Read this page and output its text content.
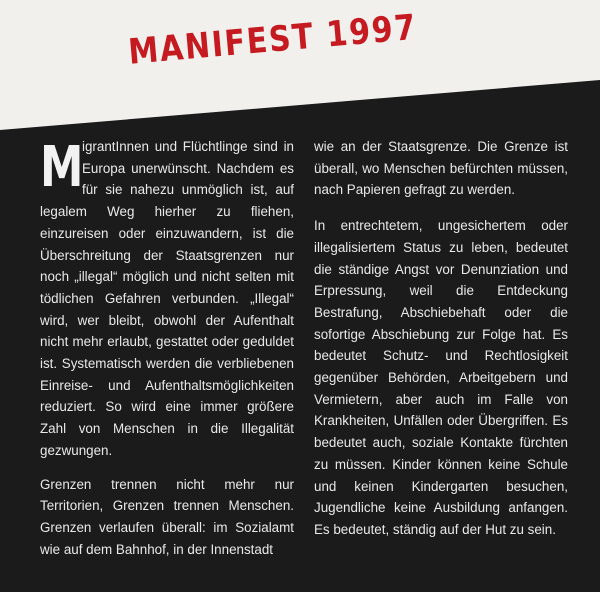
MANIFEST 1997

M
igrantInnen und Flüchtlinge sind in Europa unerwünscht. Nachdem es für sie nahezu unmöglich ist, auf legalem Weg hierher zu fliehen, einzureisen oder einzuwandern, ist die Überschreitung der Staatsgrenzen nur noch „illegal“ möglich und nicht selten mit tödlichen Gefahren verbunden. „Illegal“ wird, wer bleibt, obwohl der Aufenthalt nicht mehr erlaubt, gestattet oder geduldet ist. Systematisch werden die verbliebenen Einreise- und Aufenthaltsmöglichkeiten reduziert. So wird eine immer größere Zahl von Menschen in die Illegalität gezwungen.

Grenzen trennen nicht mehr nur Territorien, Grenzen trennen Menschen. Grenzen verlaufen überall: im Sozialamt wie auf dem Bahnhof, in der Innenstadt

wie an der Staatsgrenze. Die Grenze ist überall, wo Menschen befürchten müssen, nach Papieren gefragt zu werden.

In entrechtetem, ungesichertem oder illegalisiertem Status zu leben, bedeutet die ständige Angst vor Denunziation und Erpressung, weil die Entdeckung Bestrafung, Abschiebehaft oder die sofortige Abschiebung zur Folge hat. Es bedeutet Schutz- und Rechtlosigkeit gegenüber Behörden, Arbeitgebern und Vermietern, aber auch im Falle von Krankheiten, Unfällen oder Übergriffen. Es bedeutet auch, soziale Kontakte fürchten zu müssen. Kinder können keine Schule und keinen Kindergarten besuchen, Jugendliche keine Ausbildung anfangen. Es bedeutet, ständig auf der Hut zu sein.
